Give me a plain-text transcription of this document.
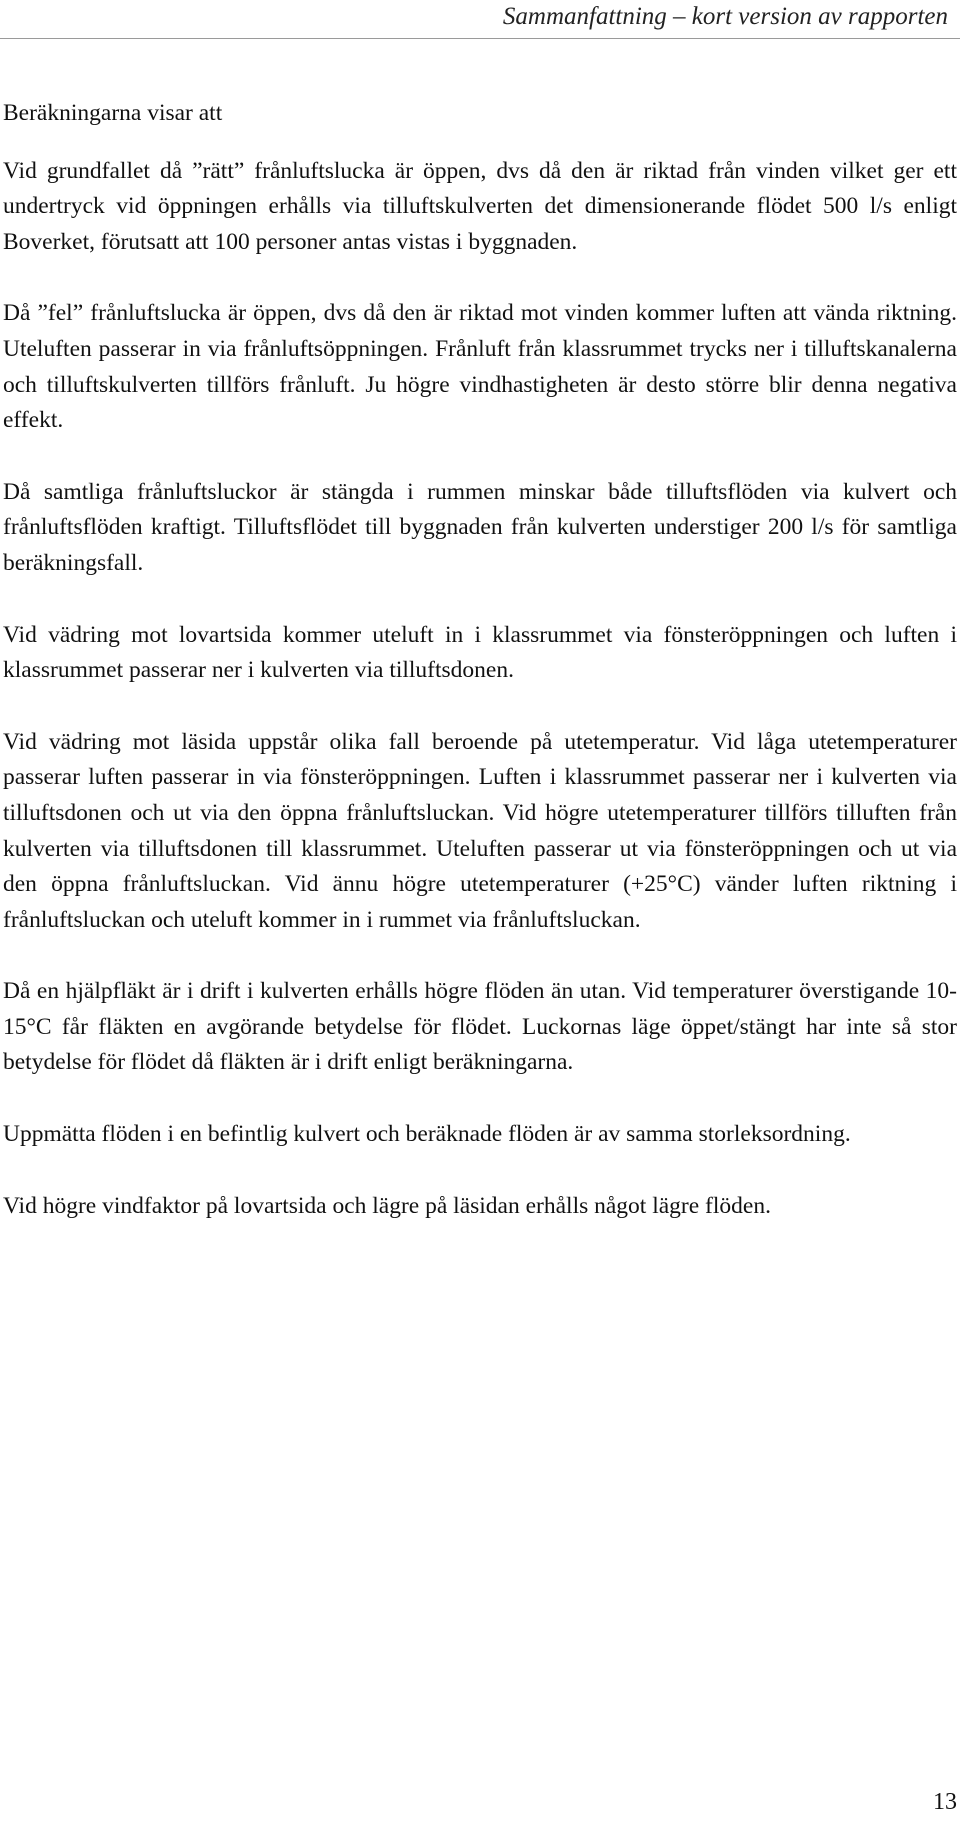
Sammanfattning – kort version av rapporten

Beräkningarna visar att

Vid grundfallet då ”rätt” frånluftslucka är öppen, dvs då den är riktad från vinden vilket ger ett undertryck vid öppningen erhålls via tilluftskulverten det dimensionerande flödet 500 l/s enligt Boverket, förutsatt att 100 personer antas vistas i byggnaden.

Då ”fel” frånluftslucka är öppen, dvs då den är riktad mot vinden kommer luften att vända riktning. Uteluften passerar in via frånluftsöppningen. Frånluft från klassrummet trycks ner i tilluftskanalerna och tilluftskulverten tillförs frånluft. Ju högre vindhastigheten är desto större blir denna negativa effekt.

Då samtliga frånluftsluckor är stängda i rummen minskar både tilluftsflöden via kulvert och frånluftsflöden kraftigt. Tilluftsflödet till byggnaden från kulverten understiger 200 l/s för samtliga beräkningsfall.

Vid vädring mot lovartsida kommer uteluft in i klassrummet via fönsteröppningen och luften i klassrummet passerar ner i kulverten via tilluftsdonen.

Vid vädring mot läsida uppstår olika fall beroende på utetemperatur. Vid låga utetemperaturer passerar luften passerar in via fönsteröppningen. Luften i klassrummet passerar ner i kulverten via tilluftsdonen och ut via den öppna frånluftsluckan. Vid högre utetemperaturer tillförs tilluften från kulverten via tilluftsdonen till klassrummet. Uteluften passerar ut via fönsteröppningen och ut via den öppna frånluftsluckan. Vid ännu högre utetemperaturer (+25°C) vänder luften riktning i frånluftsluckan och uteluft kommer in i rummet via frånluftsluckan.

Då en hjälpfläkt är i drift i kulverten erhålls högre flöden än utan. Vid temperaturer överstigande 10-15°C får fläkten en avgörande betydelse för flödet. Luckornas läge öppet/stängt har inte så stor betydelse för flödet då fläkten är i drift enligt beräkningarna.

Uppmätta flöden i en befintlig kulvert och beräknade flöden är av samma storleksordning.

Vid högre vindfaktor på lovartsida och lägre på läsidan erhålls något lägre flöden.

13
